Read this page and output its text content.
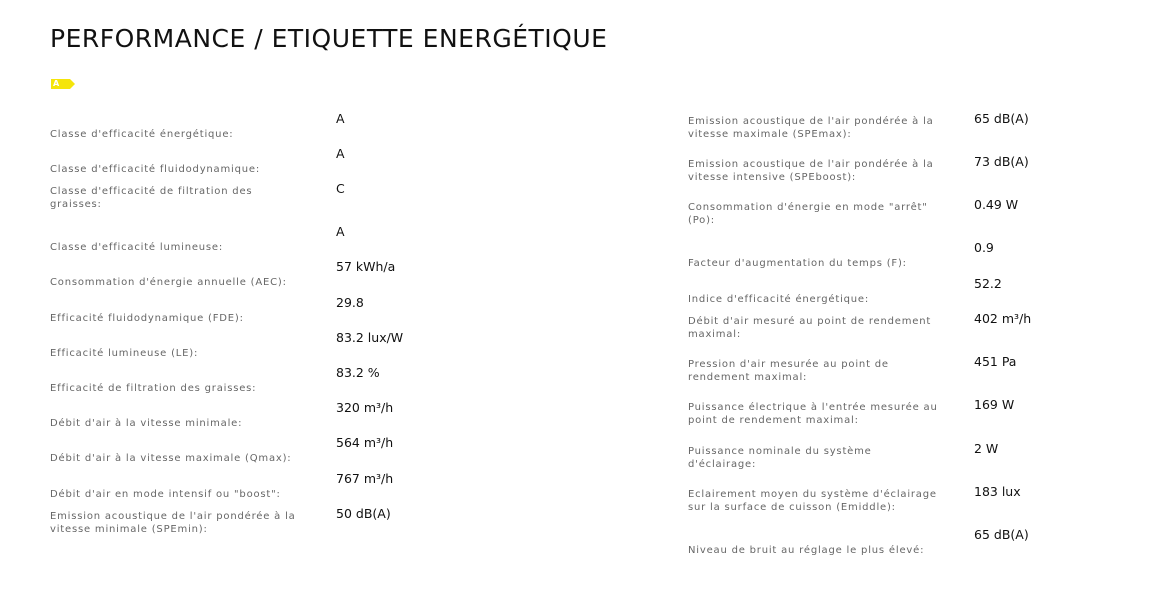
PERFORMANCE / ETIQUETTE ENERGÉTIQUE
A
Classe d'efficacité énergétique:
A
Classe d'efficacité fluidodynamique:
A
Classe d'efficacité de filtration des graisses:
C
Classe d'efficacité lumineuse:
A
Consommation d'énergie annuelle (AEC):
57 kWh/a
Efficacité fluidodynamique (FDE):
29.8
Efficacité lumineuse (LE):
83.2 lux/W
Efficacité de filtration des graisses:
83.2 %
Débit d'air à la vitesse minimale:
320 m³/h
Débit d'air à la vitesse maximale (Qmax):
564 m³/h
Débit d'air en mode intensif ou "boost":
767 m³/h
Emission acoustique de l'air pondérée à la vitesse minimale (SPEmin):
50 dB(A)
Emission acoustique de l'air pondérée à la vitesse maximale (SPEmax):
65 dB(A)
Emission acoustique de l'air pondérée à la vitesse intensive (SPEboost):
73 dB(A)
Consommation d'énergie en mode "arrêt" (Po):
0.49 W
Facteur d'augmentation du temps (F):
0.9
Indice d'efficacité énergétique:
52.2
Débit d'air mesuré au point de rendement maximal:
402 m³/h
Pression d'air mesurée au point de rendement maximal:
451 Pa
Puissance électrique à l'entrée mesurée au point de rendement maximal:
169 W
Puissance nominale du système d'éclairage:
2 W
Eclairement moyen du système d'éclairage sur la surface de cuisson (Emiddle):
183 lux
Niveau de bruit au réglage le plus élevé:
65 dB(A)
